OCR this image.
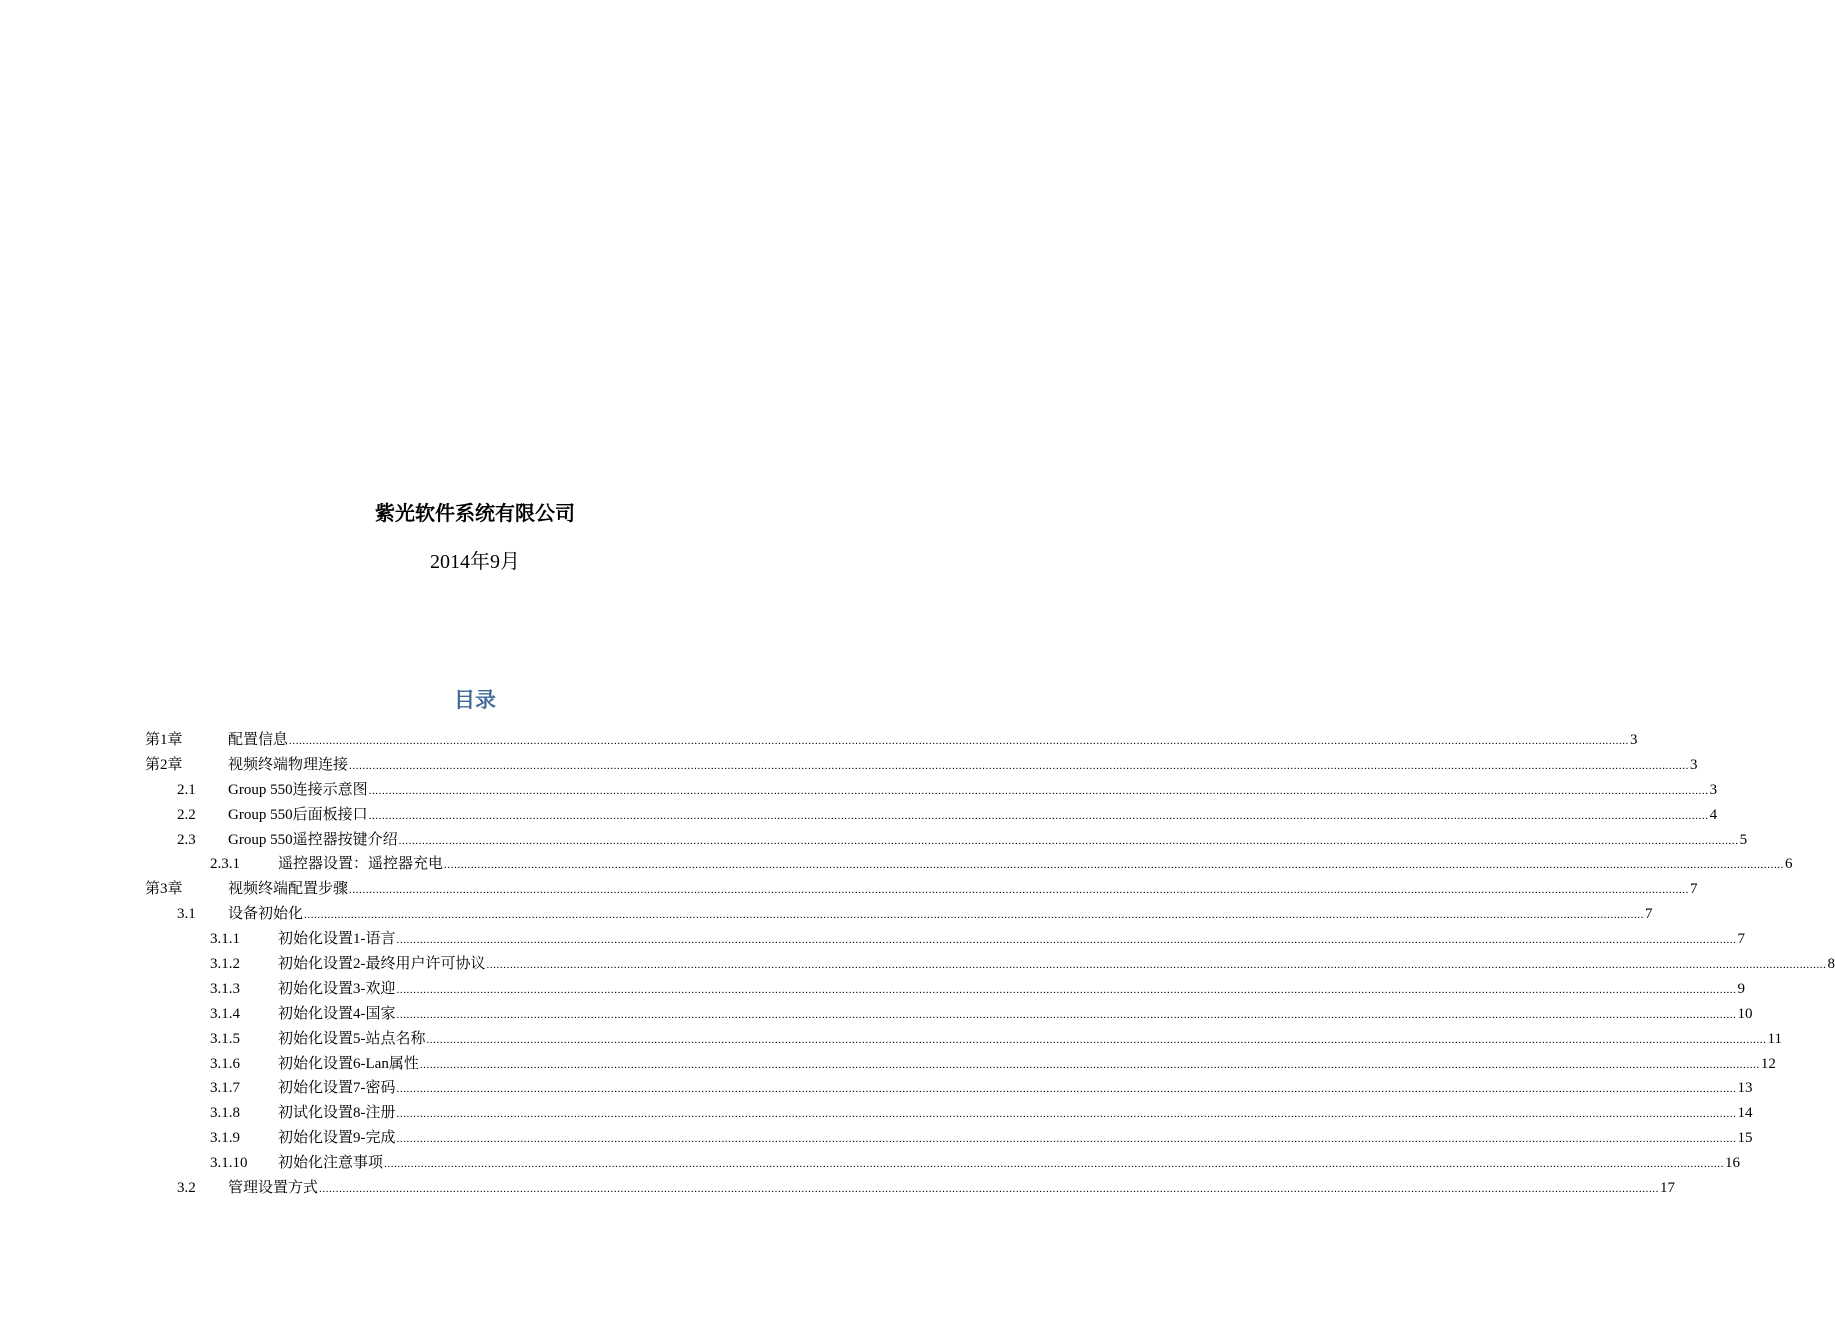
紫光软件系统有限公司
2014年9月
目录
第1章	配置信息 ................................................................................................................................................................................................................................................................................................................................................................................................................ 3
第2章	视频终端物理连接 ................................................................................................................................................................................................................................................................................................................................................................................................................ 3
2.1	Group 550连接示意图 ................................................................................................................................................................................................................................................................................................................................................................................................................ 3
2.2	Group 550后面板接口 ................................................................................................................................................................................................................................................................................................................................................................................................................ 4
2.3	Group 550遥控器按键介绍 ................................................................................................................................................................................................................................................................................................................................................................................................................ 5
2.3.1	遥控器设置：遥控器充电 ................................................................................................................................................................................................................................................................................................................................................................................................................ 6
第3章	视频终端配置步骤 ................................................................................................................................................................................................................................................................................................................................................................................................................ 7
3.1	设备初始化 ................................................................................................................................................................................................................................................................................................................................................................................................................ 7
3.1.1	初始化设置1-语言 ................................................................................................................................................................................................................................................................................................................................................................................................................ 7
3.1.2	初始化设置2-最终用户许可协议 ................................................................................................................................................................................................................................................................................................................................................................................................................ 8
3.1.3	初始化设置3-欢迎 ................................................................................................................................................................................................................................................................................................................................................................................................................ 9
3.1.4	初始化设置4-国家 ................................................................................................................................................................................................................................................................................................................................................................................................................ 10
3.1.5	初始化设置5-站点名称 ................................................................................................................................................................................................................................................................................................................................................................................................................ 11
3.1.6	初始化设置6-Lan属性 ................................................................................................................................................................................................................................................................................................................................................................................................................ 12
3.1.7	初始化设置7-密码 ................................................................................................................................................................................................................................................................................................................................................................................................................ 13
3.1.8	初试化设置8-注册 ................................................................................................................................................................................................................................................................................................................................................................................................................ 14
3.1.9	初始化设置9-完成 ................................................................................................................................................................................................................................................................................................................................................................................................................ 15
3.1.10	初始化注意事项 ................................................................................................................................................................................................................................................................................................................................................................................................................ 16
3.2	管理设置方式 ................................................................................................................................................................................................................................................................................................................................................................................................................ 17
